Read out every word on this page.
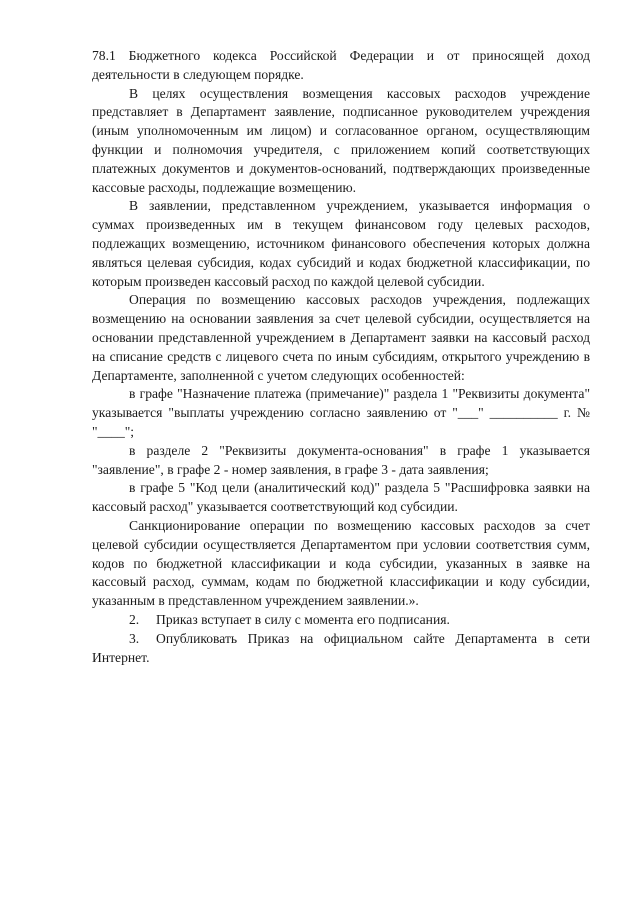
78.1 Бюджетного кодекса Российской Федерации и от приносящей доход деятельности в следующем порядке.

В целях осуществления возмещения кассовых расходов учреждение представляет в Департамент заявление, подписанное руководителем учреждения (иным уполномоченным им лицом) и согласованное органом, осуществляющим функции и полномочия учредителя, с приложением копий соответствующих платежных документов и документов-оснований, подтверждающих произведенные кассовые расходы, подлежащие возмещению.

В заявлении, представленном учреждением, указывается информация о суммах произведенных им в текущем финансовом году целевых расходов, подлежащих возмещению, источником финансового обеспечения которых должна являться целевая субсидия, кодах субсидий и кодах бюджетной классификации, по которым произведен кассовый расход по каждой целевой субсидии.

Операция по возмещению кассовых расходов учреждения, подлежащих возмещению на основании заявления за счет целевой субсидии, осуществляется на основании представленной учреждением в Департамент заявки на кассовый расход на списание средств с лицевого счета по иным субсидиям, открытого учреждению в Департаменте, заполненной с учетом следующих особенностей:

в графе "Назначение платежа (примечание)" раздела 1 "Реквизиты документа" указывается "выплаты учреждению согласно заявлению от "___" __________ г. № "____";

в разделе 2 "Реквизиты документа-основания" в графе 1 указывается "заявление", в графе 2 - номер заявления, в графе 3 - дата заявления;

в графе 5 "Код цели (аналитический код)" раздела 5 "Расшифровка заявки на кассовый расход" указывается соответствующий код субсидии.

Санкционирование операции по возмещению кассовых расходов за счет целевой субсидии осуществляется Департаментом при условии соответствия сумм, кодов по бюджетной классификации и кода субсидии, указанных в заявке на кассовый расход, суммам, кодам по бюджетной классификации и коду субсидии, указанным в представленном учреждением заявлении.».

2. Приказ вступает в силу с момента его подписания.

3. Опубликовать Приказ на официальном сайте Департамента в сети Интернет.
